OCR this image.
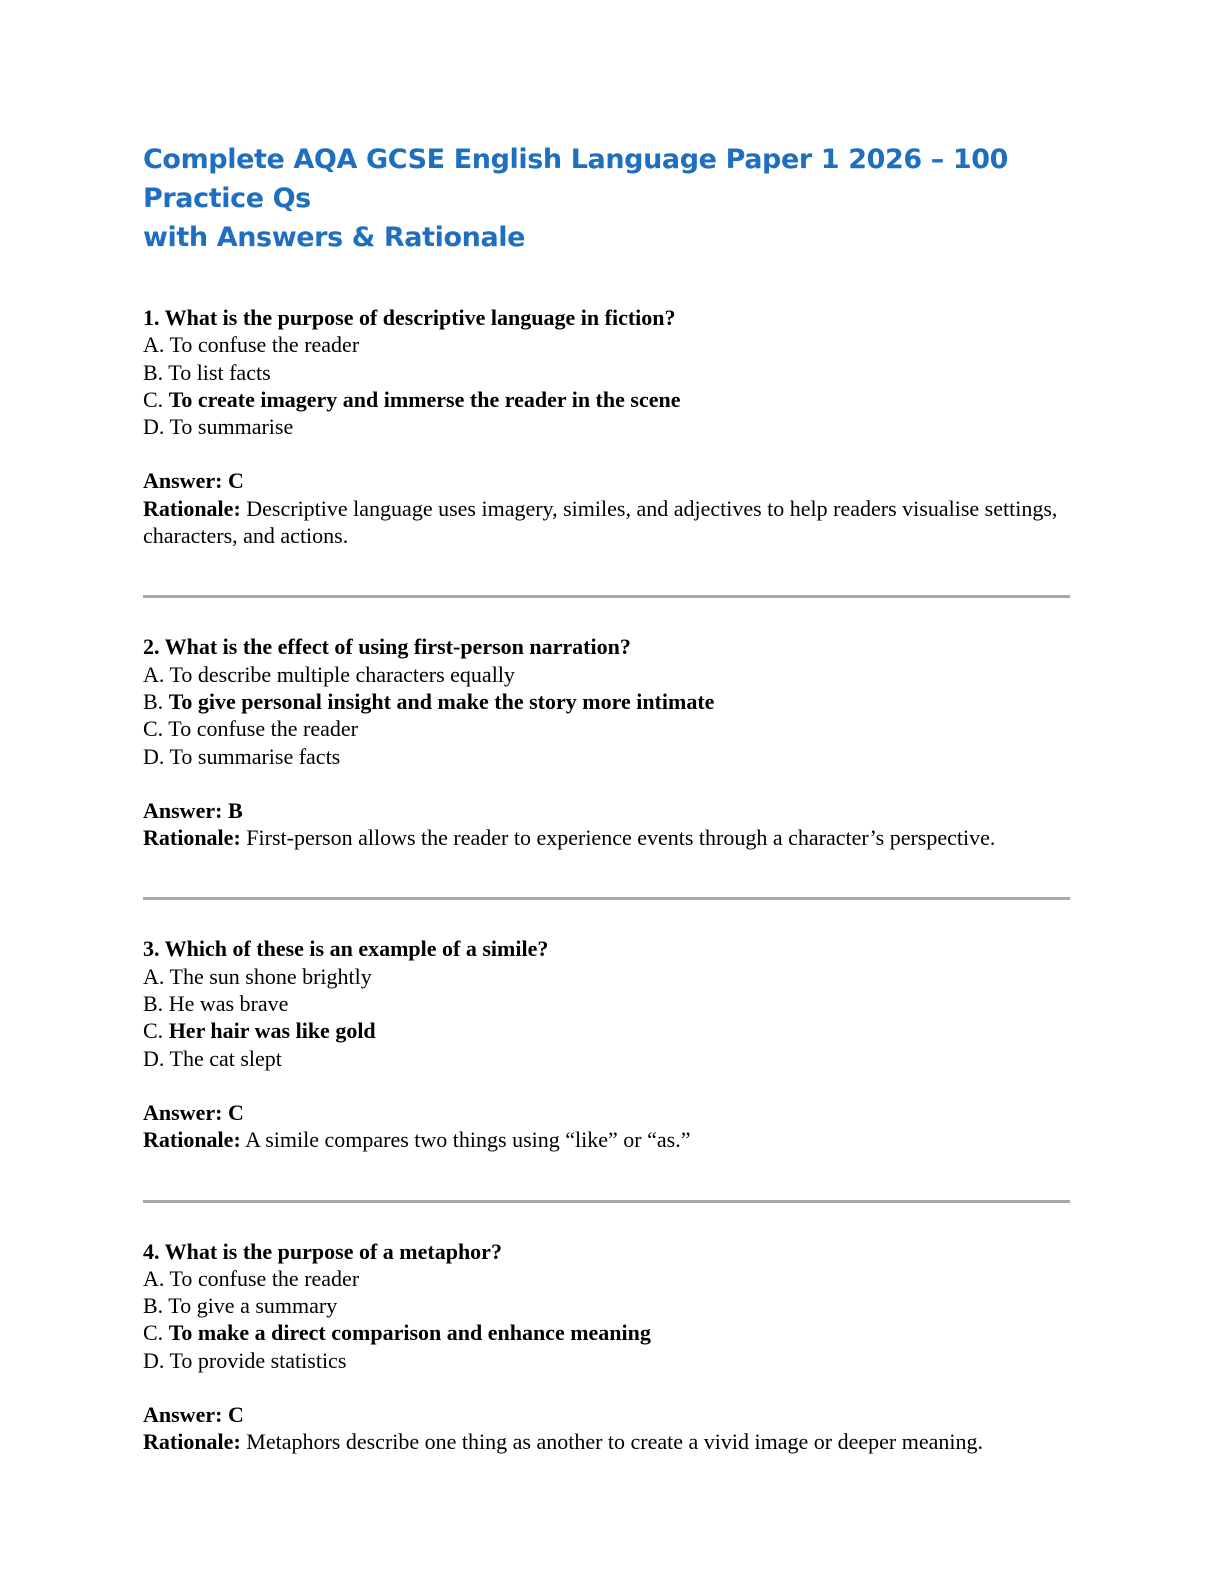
Complete AQA GCSE English Language Paper 1 2026 – 100 Practice Qs
with Answers & Rationale
1. What is the purpose of descriptive language in fiction?
A. To confuse the reader
B. To list facts
C. To create imagery and immerse the reader in the scene
D. To summarise
Answer: C
Rationale: Descriptive language uses imagery, similes, and adjectives to help readers visualise settings, characters, and actions.
2. What is the effect of using first-person narration?
A. To describe multiple characters equally
B. To give personal insight and make the story more intimate
C. To confuse the reader
D. To summarise facts
Answer: B
Rationale: First-person allows the reader to experience events through a character’s perspective.
3. Which of these is an example of a simile?
A. The sun shone brightly
B. He was brave
C. Her hair was like gold
D. The cat slept
Answer: C
Rationale: A simile compares two things using “like” or “as.”
4. What is the purpose of a metaphor?
A. To confuse the reader
B. To give a summary
C. To make a direct comparison and enhance meaning
D. To provide statistics
Answer: C
Rationale: Metaphors describe one thing as another to create a vivid image or deeper meaning.
